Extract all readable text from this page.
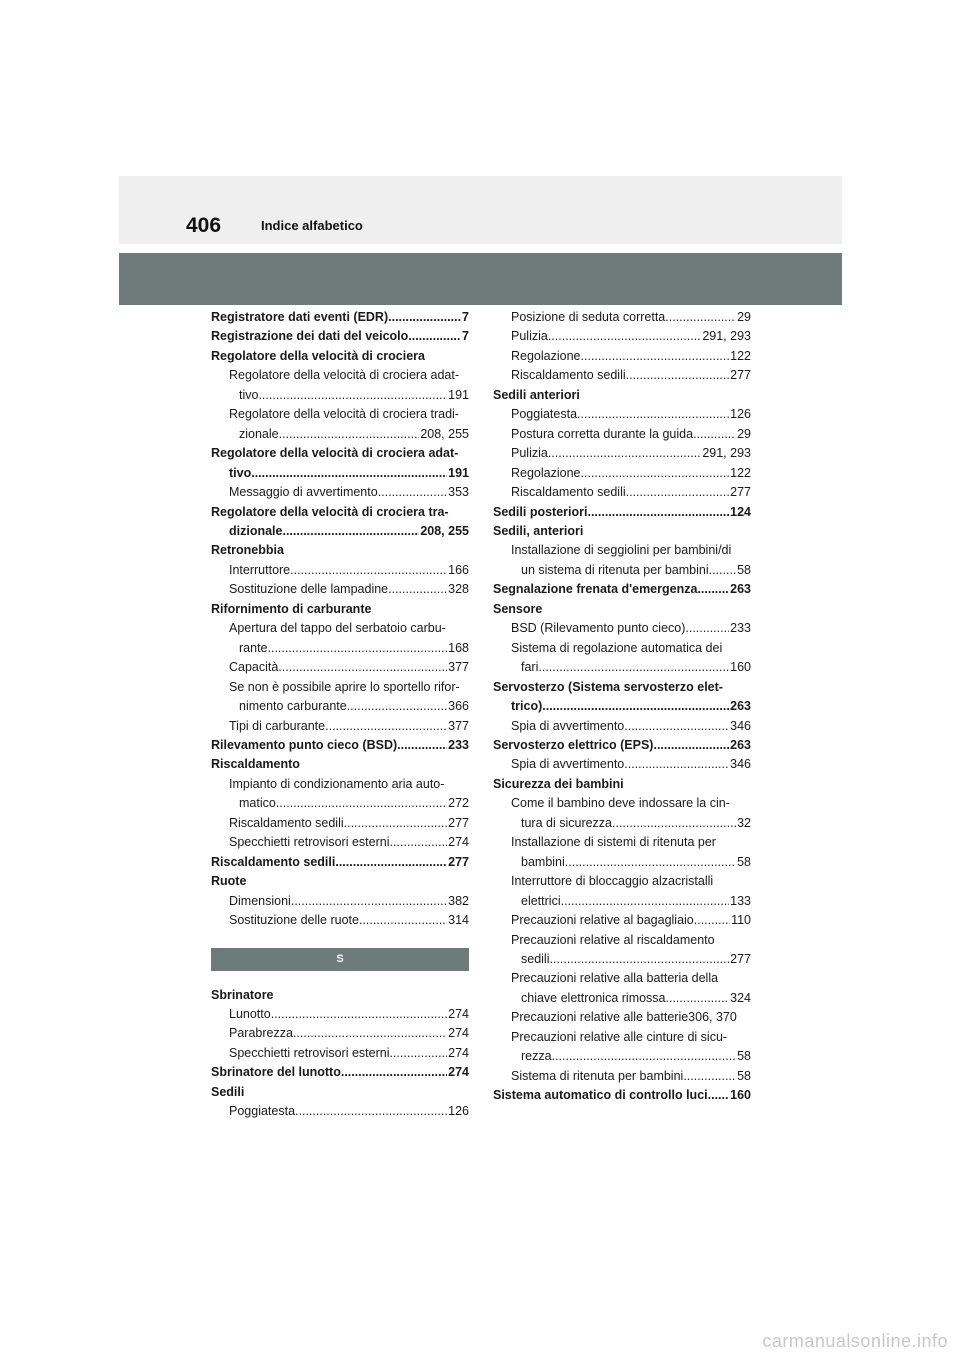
406	Indice alfabetico
Registratore dati eventi (EDR) .....	7
Registrazione dei dati del veicolo .....	7
Regolatore della velocità di crociera
Regolatore della velocità di crociera adat-
tivo .....	191
Regolatore della velocità di crociera tradi-
zionale .....	208, 255
Regolatore della velocità di crociera adat-
tivo .....	191
Messaggio di avvertimento .....	353
Regolatore della velocità di crociera tra-
dizionale .....	208, 255
Retronebbia
Interruttore .....	166
Sostituzione delle lampadine .....	328
Rifornimento di carburante
Apertura del tappo del serbatoio carbu-
rante .....	168
Capacità .....	377
Se non è possibile aprire lo sportello rifor-
nimento carburante .....	366
Tipi di carburante .....	377
Rilevamento punto cieco (BSD) .....	233
Riscaldamento
Impianto di condizionamento aria auto-
matico .....	272
Riscaldamento sedili .....	277
Specchietti retrovisori esterni .....	274
Riscaldamento sedili .....	277
Ruote
Dimensioni .....	382
Sostituzione delle ruote .....	314
S
Sbrinatore
Lunotto .....	274
Parabrezza .....	274
Specchietti retrovisori esterni .....	274
Sbrinatore del lunotto .....	274
Sedili
Poggiatesta .....	126
Posizione di seduta corretta .....	29
Pulizia .....	291, 293
Regolazione .....	122
Riscaldamento sedili .....	277
Sedili anteriori
Poggiatesta .....	126
Postura corretta durante la guida .....	29
Pulizia .....	291, 293
Regolazione .....	122
Riscaldamento sedili .....	277
Sedili posteriori .....	124
Sedili, anteriori
Installazione di seggiolini per bambini/di
un sistema di ritenuta per bambini ..... 58
Segnalazione frenata d'emergenza .....	263
Sensore
BSD (Rilevamento punto cieco) .....	233
Sistema di regolazione automatica dei
fari .....	160
Servosterzo (Sistema servosterzo elet-
trico) .....	263
Spia di avvertimento .....	346
Servosterzo elettrico (EPS) .....	263
Spia di avvertimento .....	346
Sicurezza dei bambini
Come il bambino deve indossare la cin-
tura di sicurezza .....	32
Installazione di sistemi di ritenuta per
bambini .....	58
Interruttore di bloccaggio alzacristalli
elettrici .....	133
Precauzioni relative al bagagliaio .....	110
Precauzioni relative al riscaldamento
sedili .....	277
Precauzioni relative alla batteria della
chiave elettronica rimossa .....	324
Precauzioni relative alle batterie306, 370
Precauzioni relative alle cinture di sicu-
rezza .....	58
Sistema di ritenuta per bambini .....	58
Sistema automatico di controllo luci ..... 160
carmanualsonline.info
